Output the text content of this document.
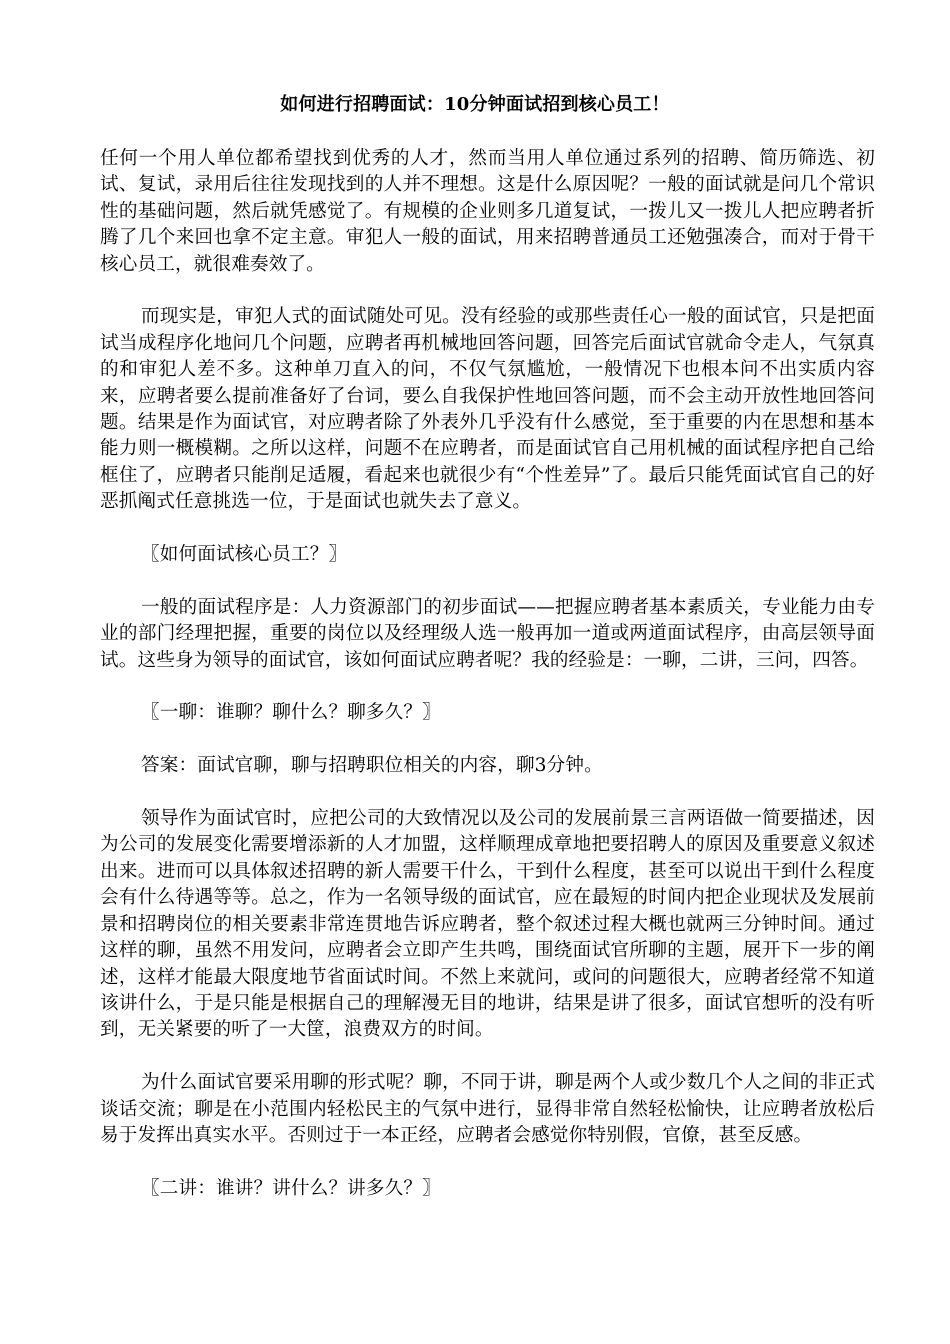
如何进行招聘面试：10分钟面试招到核心员工！

任何一个用人单位都希望找到优秀的人才，然而当用人单位通过系列的招聘、简历筛选、初试、复试，录用后往往发现找到的人并不理想。这是什么原因呢？一般的面试就是问几个常识性的基础问题，然后就凭感觉了。有规模的企业则多几道复试，一拨儿又一拨儿人把应聘者折腾了几个来回也拿不定主意。审犯人一般的面试，用来招聘普通员工还勉强凑合，而对于骨干核心员工，就很难奏效了。

而现实是，审犯人式的面试随处可见。没有经验的或那些责任心一般的面试官，只是把面试当成程序化地问几个问题，应聘者再机械地回答问题，回答完后面试官就命令走人，气氛真的和审犯人差不多。这种单刀直入的问，不仅气氛尴尬，一般情况下也根本问不出实质内容来，应聘者要么提前准备好了台词，要么自我保护性地回答问题，而不会主动开放性地回答问题。结果是作为面试官，对应聘者除了外表外几乎没有什么感觉，至于重要的内在思想和基本能力则一概模糊。之所以这样，问题不在应聘者，而是面试官自己用机械的面试程序把自己给框住了，应聘者只能削足适履，看起来也就很少有“个性差异”了。最后只能凭面试官自己的好恶抓阄式任意挑选一位，于是面试也就失去了意义。

〖如何面试核心员工？〗

一般的面试程序是：人力资源部门的初步面试——把握应聘者基本素质关，专业能力由专业的部门经理把握，重要的岗位以及经理级人选一般再加一道或两道面试程序，由高层领导面试。这些身为领导的面试官，该如何面试应聘者呢？我的经验是：一聊，二讲，三问，四答。

〖一聊：谁聊？聊什么？聊多久？〗

答案：面试官聊，聊与招聘职位相关的内容，聊3分钟。

领导作为面试官时，应把公司的大致情况以及公司的发展前景三言两语做一简要描述，因为公司的发展变化需要增添新的人才加盟，这样顺理成章地把要招聘人的原因及重要意义叙述出来。进而可以具体叙述招聘的新人需要干什么，干到什么程度，甚至可以说出干到什么程度会有什么待遇等等。总之，作为一名领导级的面试官，应在最短的时间内把企业现状及发展前景和招聘岗位的相关要素非常连贯地告诉应聘者，整个叙述过程大概也就两三分钟时间。通过这样的聊，虽然不用发问，应聘者会立即产生共鸣，围绕面试官所聊的主题，展开下一步的阐述，这样才能最大限度地节省面试时间。不然上来就问，或问的问题很大，应聘者经常不知道该讲什么，于是只能是根据自己的理解漫无目的地讲，结果是讲了很多，面试官想听的没有听到，无关紧要的听了一大筐，浪费双方的时间。

为什么面试官要采用聊的形式呢？聊，不同于讲，聊是两个人或少数几个人之间的非正式谈话交流；聊是在小范围内轻松民主的气氛中进行，显得非常自然轻松愉快，让应聘者放松后易于发挥出真实水平。否则过于一本正经，应聘者会感觉你特别假，官僚，甚至反感。

〖二讲：谁讲？讲什么？讲多久？〗
